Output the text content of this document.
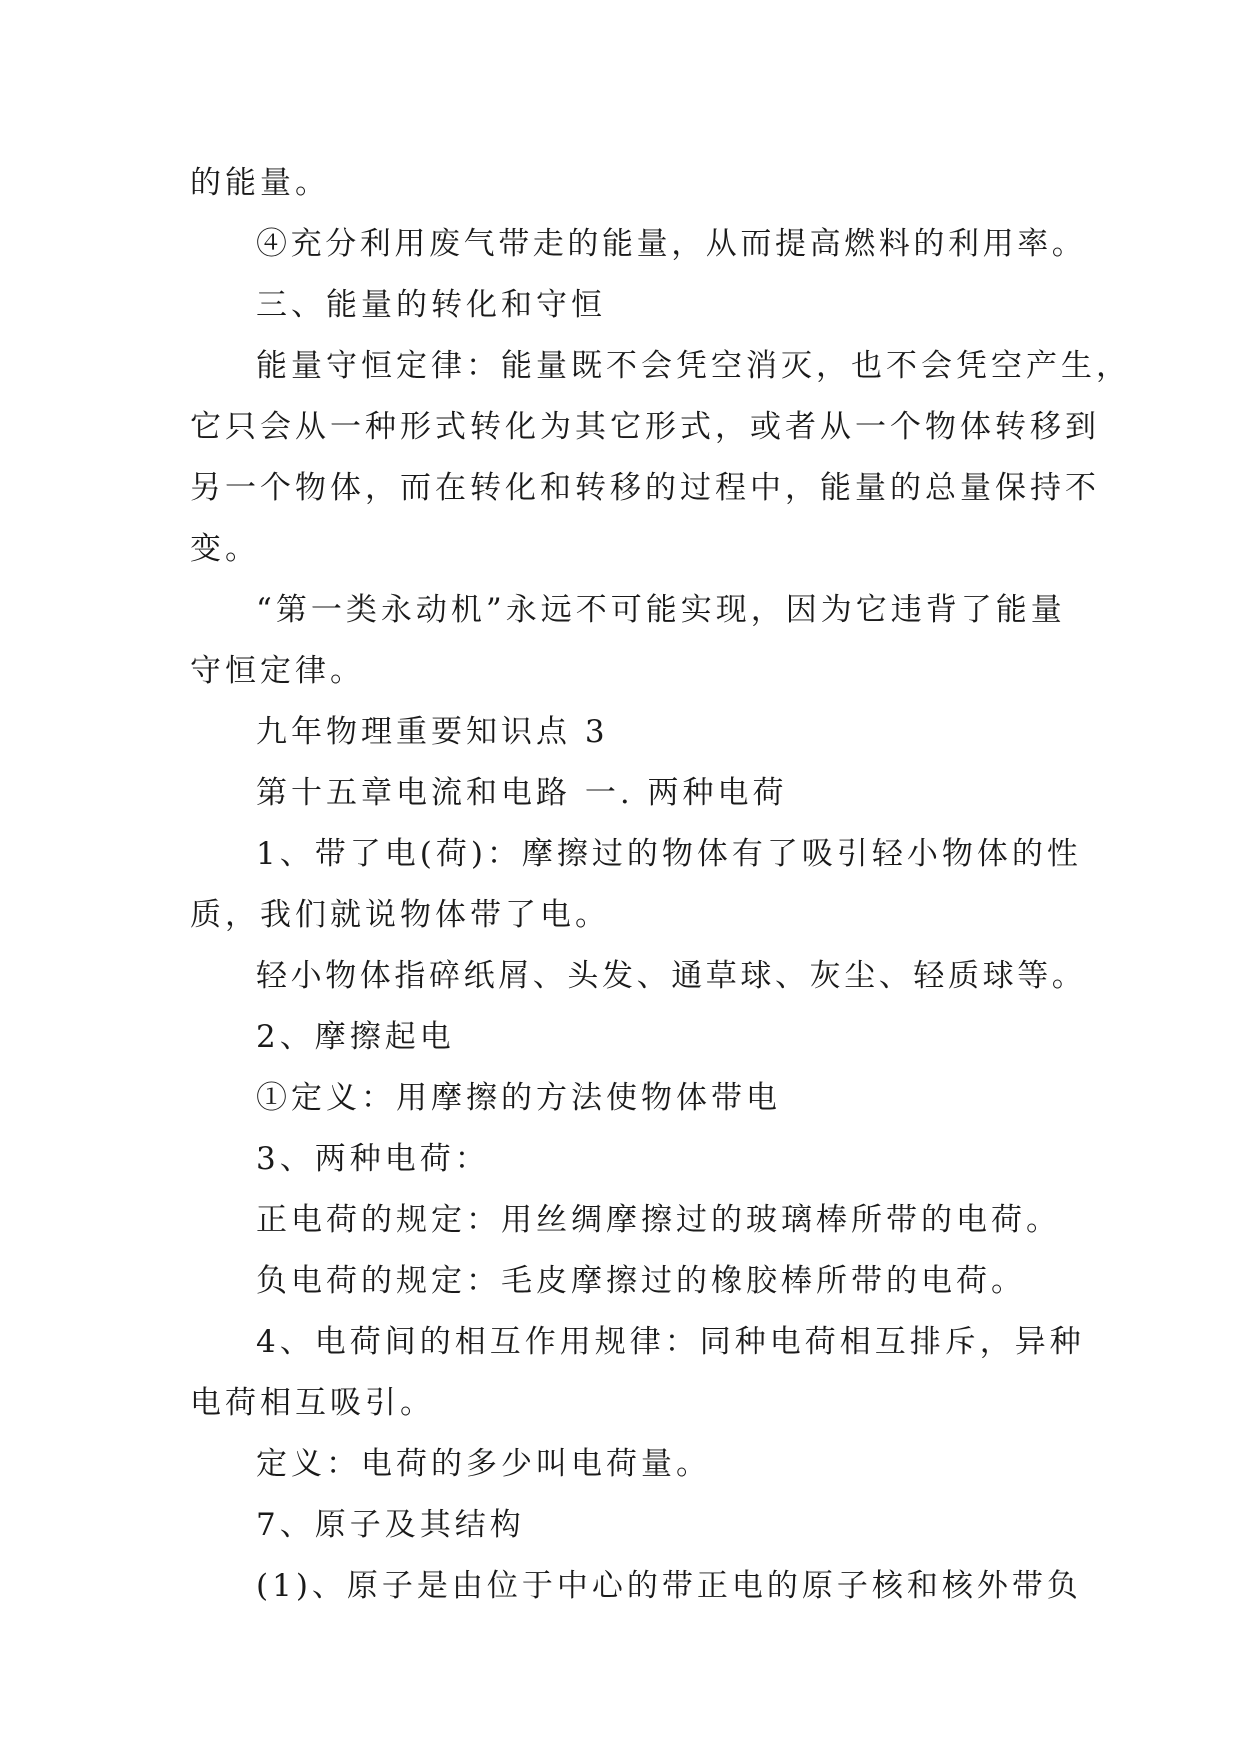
的能量。
④充分利用废气带走的能量，从而提高燃料的利用率。
三、能量的转化和守恒
能量守恒定律：能量既不会凭空消灭，也不会凭空产生，
它只会从一种形式转化为其它形式，或者从一个物体转移到
另一个物体，而在转化和转移的过程中，能量的总量保持不
变。
“第一类永动机”永远不可能实现，因为它违背了能量
守恒定律。
九年物理重要知识点 3
第十五章电流和电路 一. 两种电荷
1、带了电(荷)：摩擦过的物体有了吸引轻小物体的性
质，我们就说物体带了电。
轻小物体指碎纸屑、头发、通草球、灰尘、轻质球等。
2、摩擦起电
①定义：用摩擦的方法使物体带电
3、两种电荷：
正电荷的规定：用丝绸摩擦过的玻璃棒所带的电荷。
负电荷的规定：毛皮摩擦过的橡胶棒所带的电荷。
4、电荷间的相互作用规律：同种电荷相互排斥，异种
电荷相互吸引。
定义：电荷的多少叫电荷量。
7、原子及其结构
(1)、原子是由位于中心的带正电的原子核和核外带负
